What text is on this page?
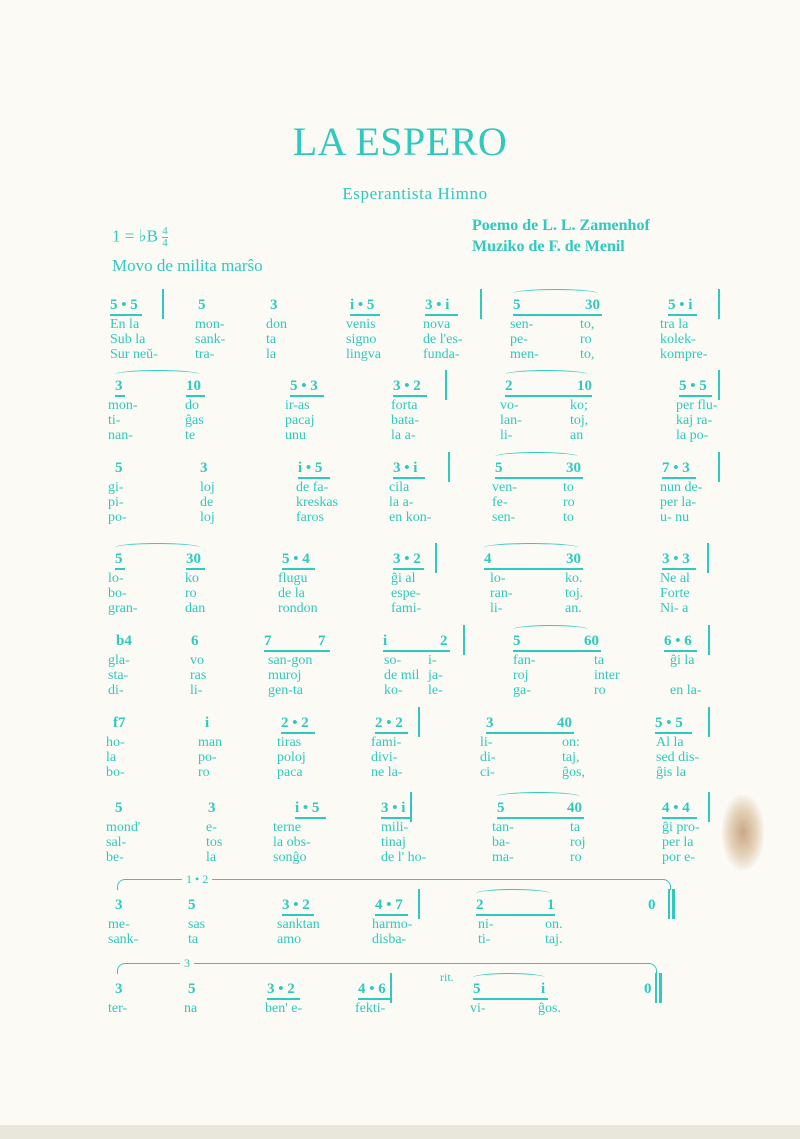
LA ESPERO
Esperantista Himno
1 = ♭B $\frac{4}{4}$
Movo de milita marŝo
Poemo de L. L. Zamenhof
Muziko de F. de Menil
5 • 5	5	3	i • 5	3 • i	5	30	5 • i
En la	mon-	don	venis	nova	sen-	to,	tra la
Sub la	sank-	ta	signo	de l'es-	pe-	ro	kolek-
Sur neŭ-	tra-	la	lingva	funda-	men-	to,	kompre-
3	10	5 • 3	3 • 2	2	10	5 • 5
mon-	do	ir-as	forta	vo-	ko;	per flu-
ti-	ĝas	pacaj	bata-	lan-	toj,	kaj ra-
nan-	te	unu	la a-	li-	an	la po-
5	3	i • 5	3 • i	5	30	7 • 3
gi-	loj	de fa-	cila	ven-	to	nun de-
pi-	de	kreskas	la a-	fe-	ro	per la-
po-	loj	faros	en kon-	sen-	to	u- nu
5	30	5 • 4	3 • 2	4	30	3 • 3
lo-	ko	flugu	ĝi al	lo-	ko.	Ne al
bo-	ro	de la	espe-	ran-	toj.	Forte
gran-	dan	rondon	fami-	li-	an.	Ni- a
b4	6	7	7	i	2	5	60	6 • 6
gla-	vo	san-gon	so- i-	fan-	ta	ĝi la
sta-	ras	muroj	de mil ja-	roj	inter
di-	li-	gen-ta	ko- le-	ga-	ro	en la-
f7	i	2 • 2	2 • 2	3	40	5 • 5
ho-	man	tiras	fami-	li-	on:	Al la
la	po-	poloj	divi-	di-	taj,	sed dis-
bo-	ro	paca	ne la-	ci-	ĝos,	ĝis la
5	3	i • 5	3 • i	5	40	4 • 4
mond'	e-	terne	mili-	tan-	ta	ĝi pro-
sal-	tos	la obs-	tinaj	ba-	roj	per la
be-	la	sonĝo	de l' ho-	ma-	ro	por e-
3	5	3 • 2	4 • 7	2	1	0
me-	sas	sanktan	harmo-	ni-	on.
sank-	ta	amo	disba-	ti-	taj.
3	5	3 • 2	4 • 6	5	i	0
ter-	na	ben' e-	fekti-	vi-	ĝos.
1 • 2
3
rit.
